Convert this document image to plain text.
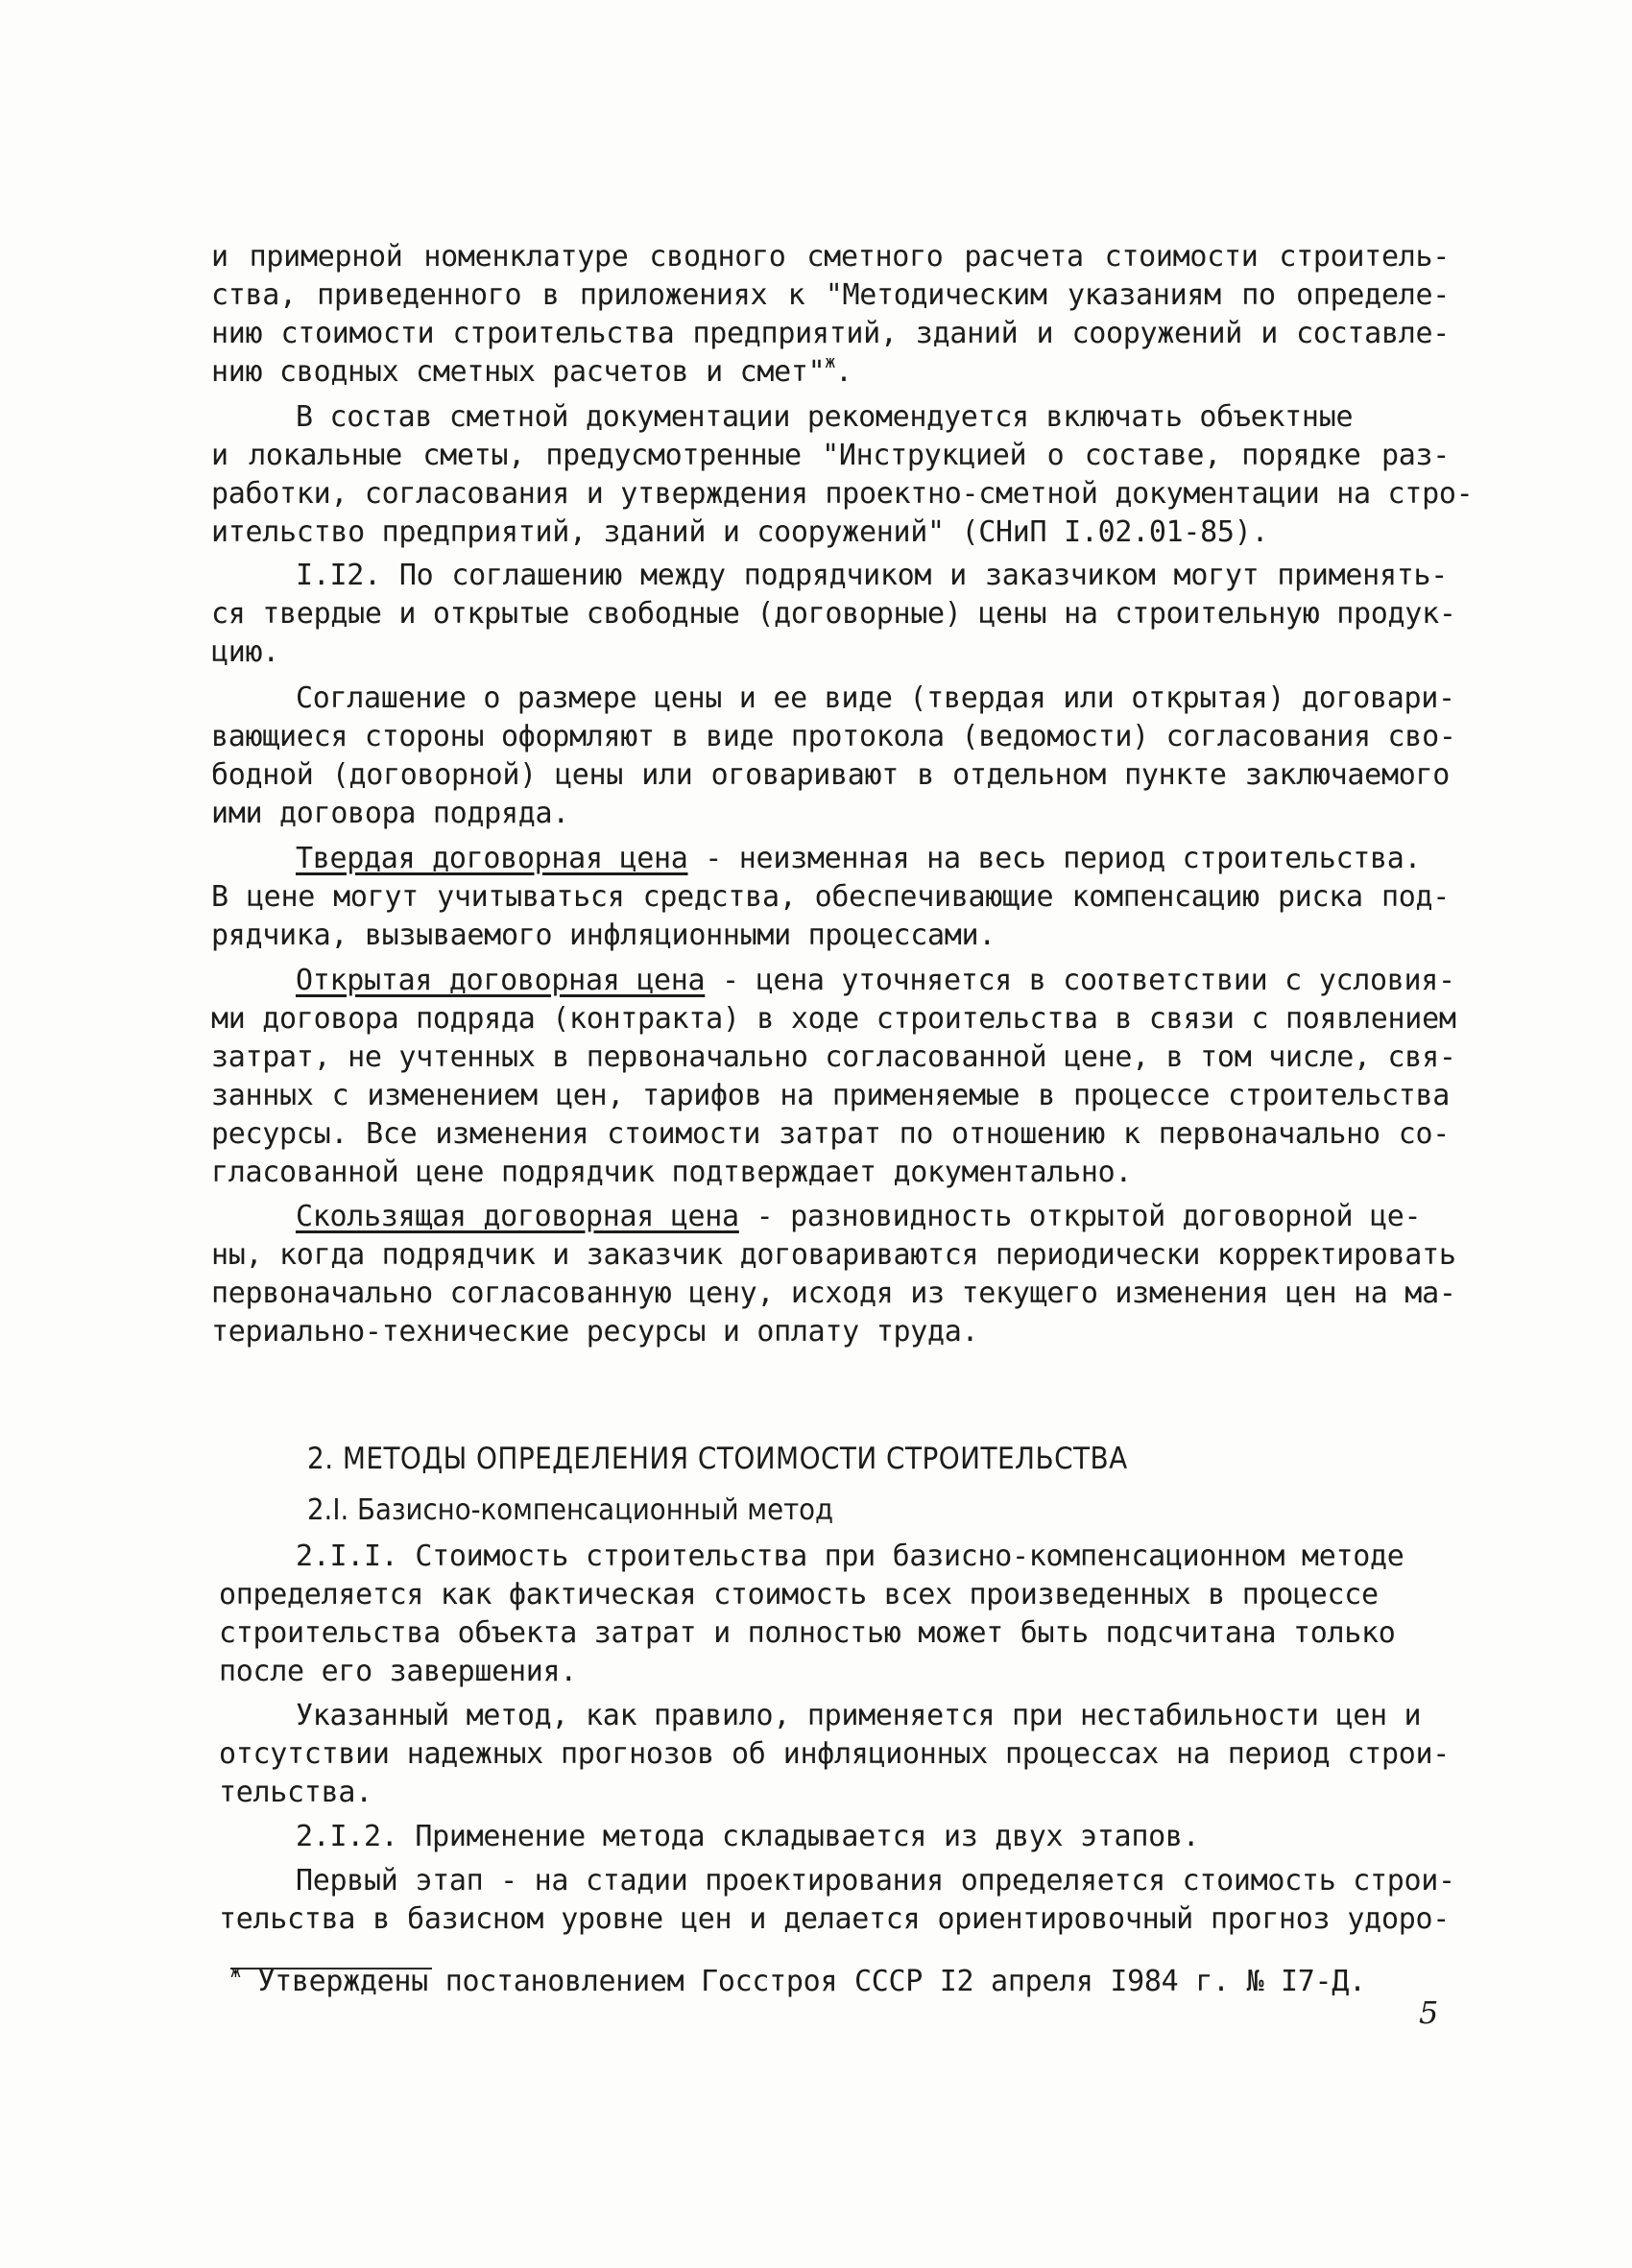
и примерной номенклатуре сводного сметного расчета стоимости строитель-
ства, приведенного в приложениях к "Методическим указаниям по определе-
нию стоимости строительства предприятий, зданий и сооружений и составле-
нию сводных сметных расчетов и смет"$^ж$.
В состав сметной документации рекомендуется включать объектные
и локальные сметы, предусмотренные "Инструкцией о составе, порядке раз-
работки, согласования и утверждения проектно-сметной документации на стро-
ительство предприятий, зданий и сооружений" (СНиП I.02.01-85).
I.I2. По соглашению между подрядчиком и заказчиком могут применять-
ся твердые и открытые свободные (договорные) цены на строительную продук-
цию.
Соглашение о размере цены и ее виде (твердая или открытая) договари-
вающиеся стороны оформляют в виде протокола (ведомости) согласования сво-
бодной (договорной) цены или оговаривают в отдельном пункте заключаемого
ими договора подряда.
Твердая договорная цена - неизменная на весь период строительства.
В цене могут учитываться средства, обеспечивающие компенсацию риска под-
рядчика, вызываемого инфляционными процессами.
Открытая договорная цена - цена уточняется в соответствии с условия-
ми договора подряда (контракта) в ходе строительства в связи с появлением
затрат, не учтенных в первоначально согласованной цене, в том числе, свя-
занных с изменением цен, тарифов на применяемые в процессе строительства
ресурсы. Все изменения стоимости затрат по отношению к первоначально со-
гласованной цене подрядчик подтверждает документально.
Скользящая договорная цена - разновидность открытой договорной це-
ны, когда подрядчик и заказчик договариваются периодически корректировать
первоначально согласованную цену, исходя из текущего изменения цен на ма-
териально-технические ресурсы и оплату труда.
2. МЕТОДЫ ОПРЕДЕЛЕНИЯ СТОИМОСТИ СТРОИТЕЛЬСТВА
2.I. Базисно-компенсационный метод
2.I.I. Стоимость строительства при базисно-компенсационном методе
определяется как фактическая стоимость всех произведенных в процессе
строительства объекта затрат и полностью может быть подсчитана только
после его завершения.
Указанный метод, как правило, применяется при нестабильности цен и
отсутствии надежных прогнозов об инфляционных процессах на период строи-
тельства.
2.I.2. Применение метода складывается из двух этапов.
Первый этап - на стадии проектирования определяется стоимость строи-
тельства в базисном уровне цен и делается ориентировочный прогноз удоро-
$^ж$ Утверждены постановлением Госстроя СССР I2 апреля I984 г. № I7-Д.
5
